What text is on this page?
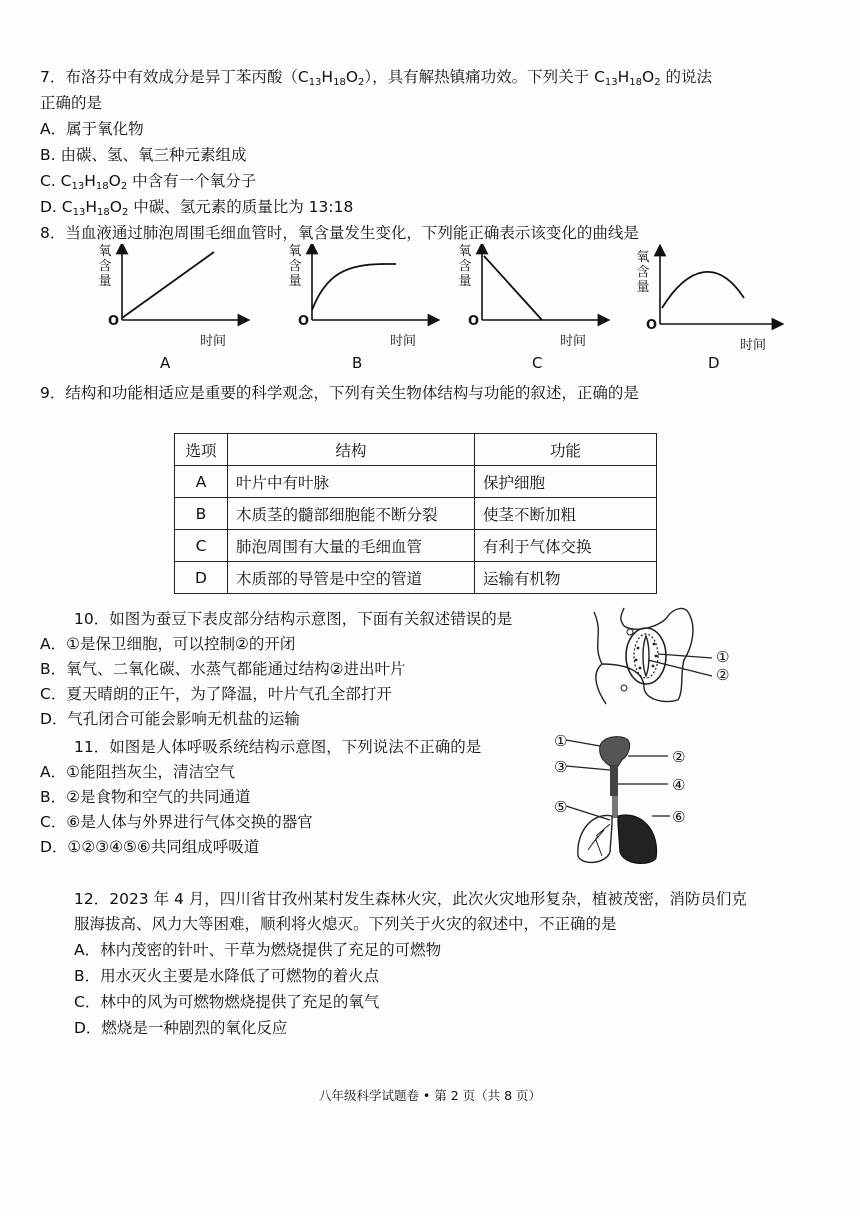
7．布洛芬中有效成分是异丁苯丙酸$(C_{13}H_{18}O_2)$，具有解热镇痛功效。下列关于 $C_{13}H_{18}O_2$ 的说法
正确的是
A．属于氧化物
B. 由碳、氢、氧三种元素组成
C. $C_{13}H_{18}O_2$ 中含有一个氧分子
D. $C_{13}H_{18}O_2$ 中碳、氢元素的质量比为 13:18
8．当血液通过肺泡周围毛细血管时，氧含量发生变化，下列能正确表示该变化的曲线是
氧含量
O
时间
A
氧含量
O
时间
B
氧含量
O
时间
C
氧含量
O
时间
D
9．结构和功能相适应是重要的科学观念，下列有关生物体结构与功能的叙述，正确的是
选项	结构	功能
A	叶片中有叶脉	保护细胞
B	木质茎的髓部细胞能不断分裂	使茎不断加粗
C	肺泡周围有大量的毛细血管	有利于气体交换
D	木质部的导管是中空的管道	运输有机物
10．如图为蚕豆下表皮部分结构示意图，下面有关叙述错误的是
A．①是保卫细胞，可以控制②的开闭
B．氧气、二氧化碳、水蒸气都能通过结构②进出叶片
C．夏天晴朗的正午，为了降温，叶片气孔全部打开
D．气孔闭合可能会影响无机盐的运输
①
②
11．如图是人体呼吸系统结构示意图，下列说法不正确的是
A．①能阻挡灰尘，清洁空气
B．②是食物和空气的共同通道
C．⑥是人体与外界进行气体交换的器官
D．①②③④⑤⑥共同组成呼吸道
①
②
③
④
⑤
⑥
12．2023 年 4 月，四川省甘孜州某村发生森林火灾，此次火灾地形复杂，植被茂密，消防员们克
服海拔高、风力大等困难，顺利将火熄灭。下列关于火灾的叙述中，不正确的是
A．林内茂密的针叶、干草为燃烧提供了充足的可燃物
B．用水灭火主要是水降低了可燃物的着火点
C．林中的风为可燃物燃烧提供了充足的氧气
D．燃烧是一种剧烈的氧化反应
八年级科学试题卷 • 第 2 页（共 8 页）
